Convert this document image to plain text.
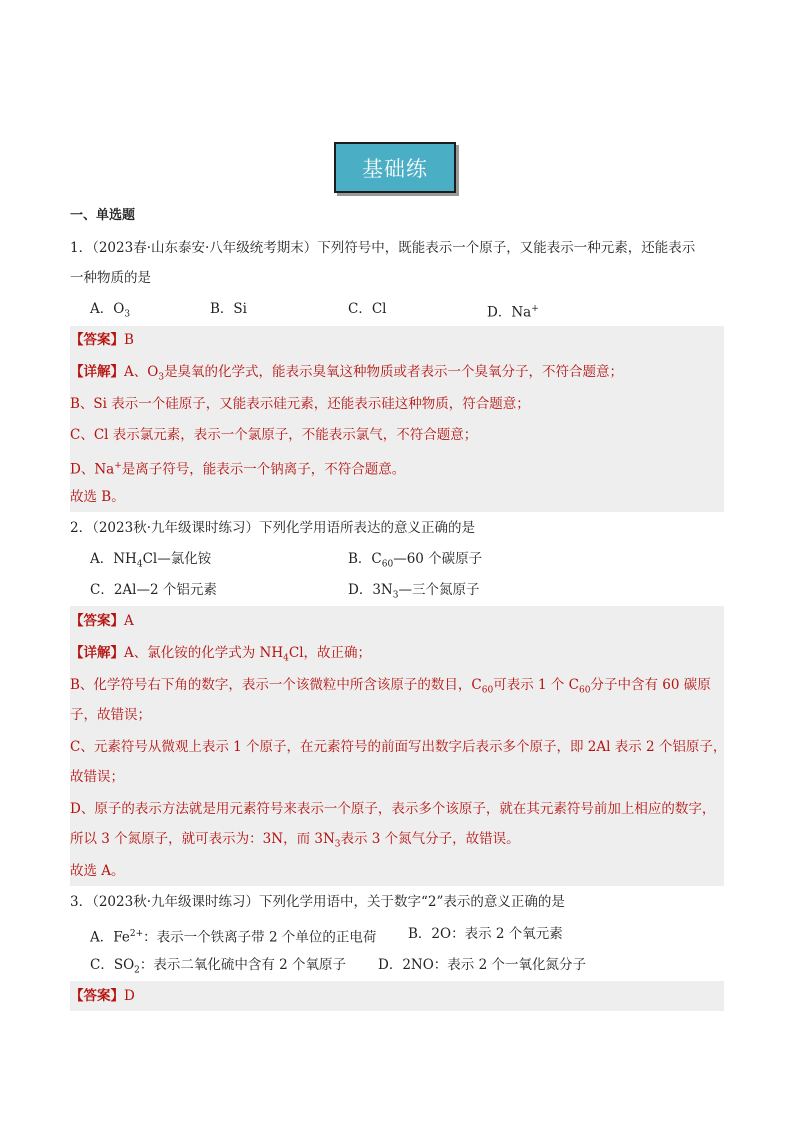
基础练
一、单选题
1．（2023春·山东泰安·八年级统考期末）下列符号中，既能表示一个原子，又能表示一种元素，还能表示
一种物质的是
A．$O_3$	B．Si	C．Cl	D．Na+
【答案】B
【详解】A、$O_3$是臭氧的化学式，能表示臭氧这种物质或者表示一个臭氧分子，不符合题意；
B、Si 表示一个硅原子，又能表示硅元素，还能表示硅这种物质，符合题意；
C、Cl 表示氯元素，表示一个氯原子，不能表示氯气，不符合题意；
D、Na+是离子符号，能表示一个钠离子，不符合题意。
故选 B。
2．（2023秋·九年级课时练习）下列化学用语所表达的意义正确的是
A．$NH_4Cl—$氯化铵	B．$C_{60}—60$ 个碳原子
C．2Al—2 个铝元素	D．$3N_3—$三个氮原子
【答案】A
【详解】A、氯化铵的化学式为 $NH_4Cl$，故正确；
B、化学符号右下角的数字，表示一个该微粒中所含该原子的数目，$C_{60}$可表示 1 个 $C_{60}$分子中含有 60 碳原
子，故错误；
C、元素符号从微观上表示 1 个原子，在元素符号的前面写出数字后表示多个原子，即 2Al 表示 2 个铝原子，
故错误；
D、原子的表示方法就是用元素符号来表示一个原子，表示多个该原子，就在其元素符号前加上相应的数字，
所以 3 个氮原子，就可表示为：3N，而 $3N_3$表示 3 个氮气分子，故错误。
故选 A。
3．（2023秋·九年级课时练习）下列化学用语中，关于数字“2”表示的意义正确的是
A．$Fe^{2+}$：表示一个铁离子带 2 个单位的正电荷 B．2O：表示 2 个氧元素
C．$SO_2$：表示二氧化硫中含有 2 个氧原子 D．2NO：表示 2 个一氧化氮分子
【答案】D
